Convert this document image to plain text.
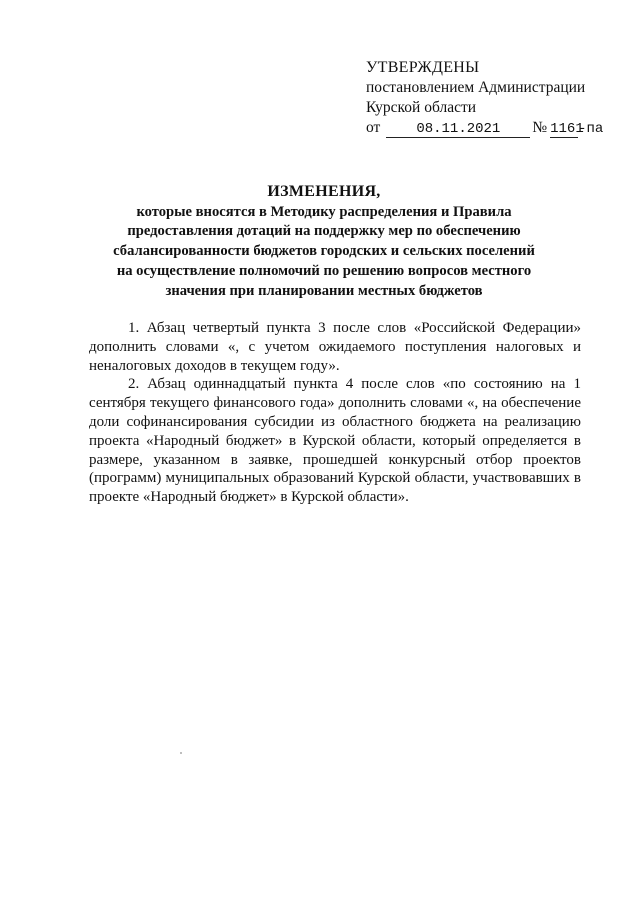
УТВЕРЖДЕНЫ
постановлением Администрации
Курской области
от	08.11.2021	№ 1161
-па
ИЗМЕНЕНИЯ,
которые вносятся в Методику распределения и Правила
предоставления дотаций на поддержку мер по обеспечению
сбалансированности бюджетов городских и сельских поселений
на осуществление полномочий по решению вопросов местного
значения при планировании местных бюджетов

1. Абзац четвертый пункта 3 после слов «Российской Федерации» дополнить словами «, с учетом ожидаемого поступления налоговых и неналоговых доходов в текущем году».

2. Абзац одиннадцатый пункта 4 после слов «по состоянию на 1 сентября текущего финансового года» дополнить словами «, на обеспечение доли софинансирования субсидии из областного бюджета на реализацию проекта «Народный бюджет» в Курской области, который определяется в размере, указанном в заявке, прошедшей конкурсный отбор проектов (программ) муниципальных образований Курской области, участвовавших в проекте «Народный бюджет» в Курской области».
